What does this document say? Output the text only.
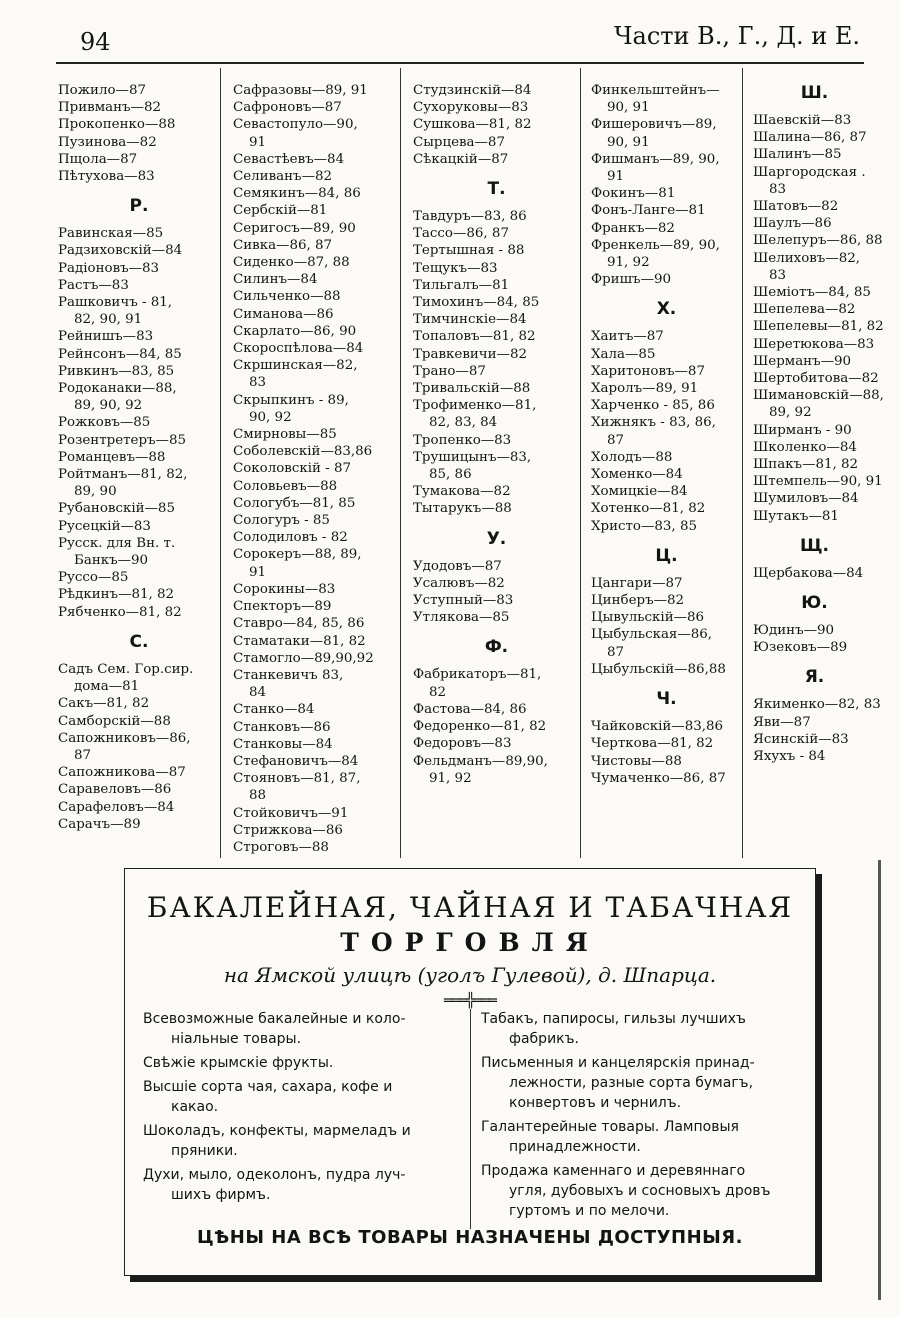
94	Части В., Г., Д. и Е.
Пожило—87
Привманъ—82
Прокопенко—88
Пузинова—82
Пщола—87
Пѣтухова—83
Р.
Равинская—85
Радзиховскій—84
Радіоновъ—83
Растъ—83
Рашковичъ - 81,
82, 90, 91
Рейнишъ—83
Рейнсонъ—84, 85
Ривкинъ—83, 85
Родоканаки—88,
89, 90, 92
Рожковъ—85
Розентретеръ—85
Романцевъ—88
Ройтманъ—81, 82,
89, 90
Рубановскій—85
Русецкій—83
Русск. для Вн. т.
Банкъ—90
Руссо—85
Рѣдкинъ—81, 82
Рябченко—81, 82
С.
Садъ Сем. Гор.сир.
дома—81
Сакъ—81, 82
Самборскій—88
Сапожниковъ—86,
87
Сапожникова—87
Саравеловъ—86
Сарафеловъ—84
Сарачъ—89
Сафразовы—89, 91
Сафроновъ—87
Севастопуло—90,
91
Севастѣевъ—84
Селиванъ—82
Семякинъ—84, 86
Сербскій—81
Серигосъ—89, 90
Сивка—86, 87
Сиденко—87, 88
Силинъ—84
Сильченко—88
Симанова—86
Скарлато—86, 90
Скороспѣлова—84
Скршинская—82,
83
Скрыпкинъ - 89,
90, 92
Смирновы—85
Соболевскій—83,86
Соколовскій - 87
Соловьевъ—88
Сологубъ—81, 85
Сологуръ - 85
Солодиловъ - 82
Сорокеръ—88, 89,
91
Сорокины—83
Спекторъ—89
Ставро—84, 85, 86
Стаматаки—81, 82
Стамогло—89,90,92
Станкевичъ 83,
84
Станко—84
Станковъ—86
Станковы—84
Стефановичъ—84
Стояновъ—81, 87,
88
Стойковичъ—91
Стрижкова—86
Строговъ—88
Студзинскій—84
Сухоруковы—83
Сушкова—81, 82
Сырцева—87
Сѣкацкій—87
Т.
Тавдуръ—83, 86
Тассо—86, 87
Тертышная - 88
Тещукъ—83
Тильгалъ—81
Тимохинъ—84, 85
Тимчинскіе—84
Топаловъ—81, 82
Травкевичи—82
Трано—87
Тривальскій—88
Трофименко—81,
82, 83, 84
Тропенко—83
Трушицынъ—83,
85, 86
Тумакова—82
Тытарукъ—88
У.
Удодовъ—87
Усалювъ—82
Уступный—83
Утлякова—85
Ф.
Фабрикаторъ—81,
82
Фастова—84, 86
Федоренко—81, 82
Федоровъ—83
Фельдманъ—89,90,
91, 92
Финкельштейнъ—
90, 91
Фишеровичъ—89,
90, 91
Фишманъ—89, 90,
91
Фокинъ—81
Фонъ-Ланге—81
Франкъ—82
Френкель—89, 90,
91, 92
Фришъ—90
Х.
Хаитъ—87
Хала—85
Харитоновъ—87
Харолъ—89, 91
Харченко - 85, 86
Хижнякъ - 83, 86,
87
Холодъ—88
Хоменко—84
Хомицкіе—84
Хотенко—81, 82
Христо—83, 85
Ц.
Цангари—87
Цинберъ—82
Цывульскій—86
Цыбульская—86,
87
Цыбульскій—86,88
Ч.
Чайковскій—83,86
Черткова—81, 82
Чистовы—88
Чумаченко—86, 87
Ш.
Шаевскій—83
Шалина—86, 87
Шалинъ—85
Шаргородская .
83
Шатовъ—82
Шаулъ—86
Шелепуръ—86, 88
Шелиховъ—82,
83
Шеміотъ—84, 85
Шепелева—82
Шепелевы—81, 82
Шеретюкова—83
Шерманъ—90
Шертобитова—82
Шимановскій—88,
89, 92
Ширманъ - 90
Школенко—84
Шпакъ—81, 82
Штемпель—90, 91
Шумиловъ—84
Шутакъ—81
Щ.
Щербакова—84
Ю.
Юдинъ—90
Юзековъ—89
Я.
Якименко—82, 83
Яви—87
Ясинскій—83
Яхухъ - 84
БАКАЛЕЙНАЯ, ЧАЙНАЯ И ТАБАЧНАЯ
ТОРГОВЛЯ
на Ямской улицѣ (уголъ Гулевой), д. Шпарца.
═══╬═══
Всевозможные бакалейные и коло-
ніальные товары.
Свѣжіе крымскіе фрукты.
Высшіе сорта чая, сахара, кофе и
какао.
Шоколадъ, конфекты, мармеладъ и
пряники.
Духи, мыло, одеколонъ, пудра луч-
шихъ фирмъ.
Табакъ, папиросы, гильзы лучшихъ
фабрикъ.
Письменныя и канцелярскія принад-
лежности, разные сорта бумагъ,
конвертовъ и чернилъ.
Галантерейные товары. Ламповыя
принадлежности.
Продажа каменнаго и деревяннаго
угля, дубовыхъ и сосновыхъ дровъ
гуртомъ и по мелочи.
ЦѢНЫ НА ВСѢ ТОВАРЫ НАЗНАЧЕНЫ ДОСТУПНЫЯ.
